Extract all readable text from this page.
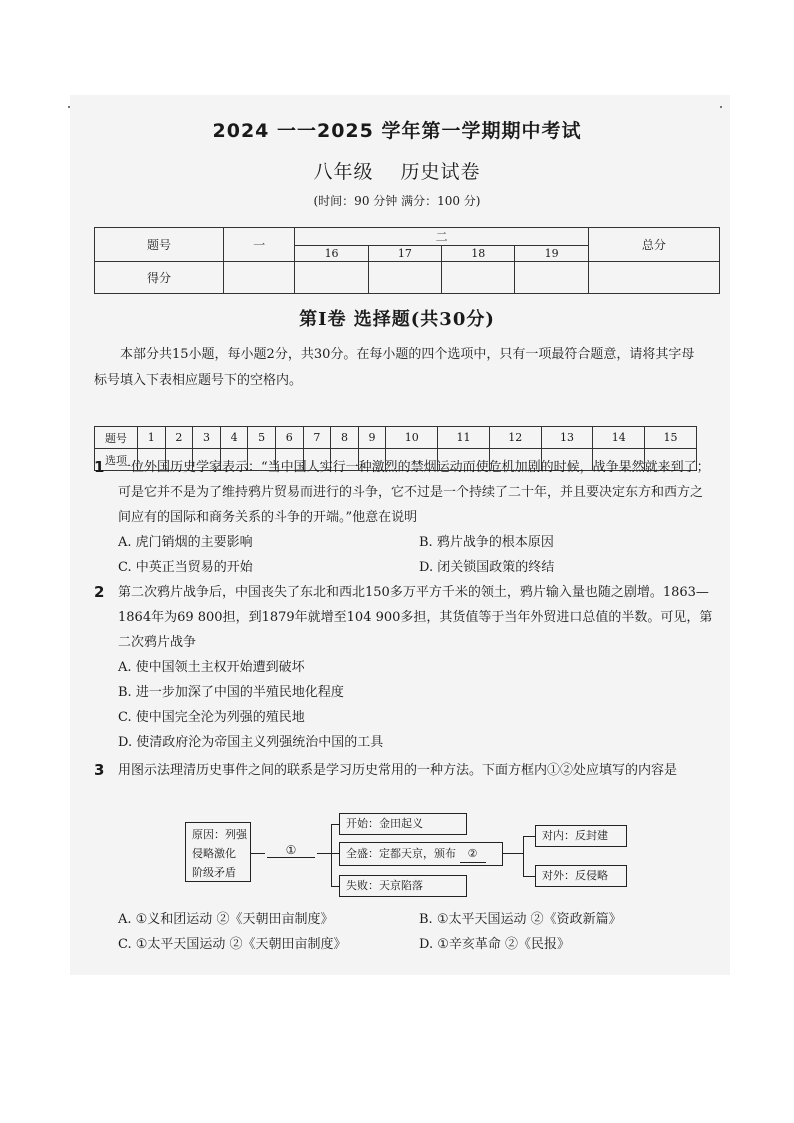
2024 一一2025 学年第一学期期中考试
八年级 历史试卷
(时间：90 分钟 满分：100 分)
题号	一	二				总分
		16	17	18	19	
得分						
第Ⅰ卷 选择题(共30分)
本部分共15小题，每小题2分，共30分。在每小题的四个选项中，只有一项最符合题意，请将其字母标号填入下表相应题号下的空格内。
题号	1	2	3	4	5	6	7	8	9	10	11	12	13	14	15
选项															
1 一位外国历史学家表示：“当中国人实行一种激烈的禁烟运动而使危机加剧的时候，战争果然就来到了；可是它并不是为了维持鸦片贸易而进行的斗争，它不过是一个持续了二十年，并且要决定东方和西方之间应有的国际和商务关系的斗争的开端。”他意在说明
A. 虎门销烟的主要影响	B. 鸦片战争的根本原因
C. 中英正当贸易的开始	D. 闭关锁国政策的终结
2 第二次鸦片战争后，中国丧失了东北和西北150多万平方千米的领土，鸦片输入量也随之剧增。1863—1864年为69 800担，到1879年就增至104 900多担，其货值等于当年外贸进口总值的半数。可见，第二次鸦片战争
A. 使中国领土主权开始遭到破坏
B. 进一步加深了中国的半殖民地化程度
C. 使中国完全沦为列强的殖民地
D. 使清政府沦为帝国主义列强统治中国的工具
3 用图示法理清历史事件之间的联系是学习历史常用的一种方法。下面方框内①②处应填写的内容是
原因：列强
侵略激化
阶级矛盾
①
开始：金田起义
全盛：定都天京，颁布 ②
失败：天京陷落
对内：反封建
对外：反侵略
A. ①义和团运动 ②《天朝田亩制度》	B. ①太平天国运动 ②《资政新篇》
C. ①太平天国运动 ②《天朝田亩制度》	D. ①辛亥革命 ②《民报》
